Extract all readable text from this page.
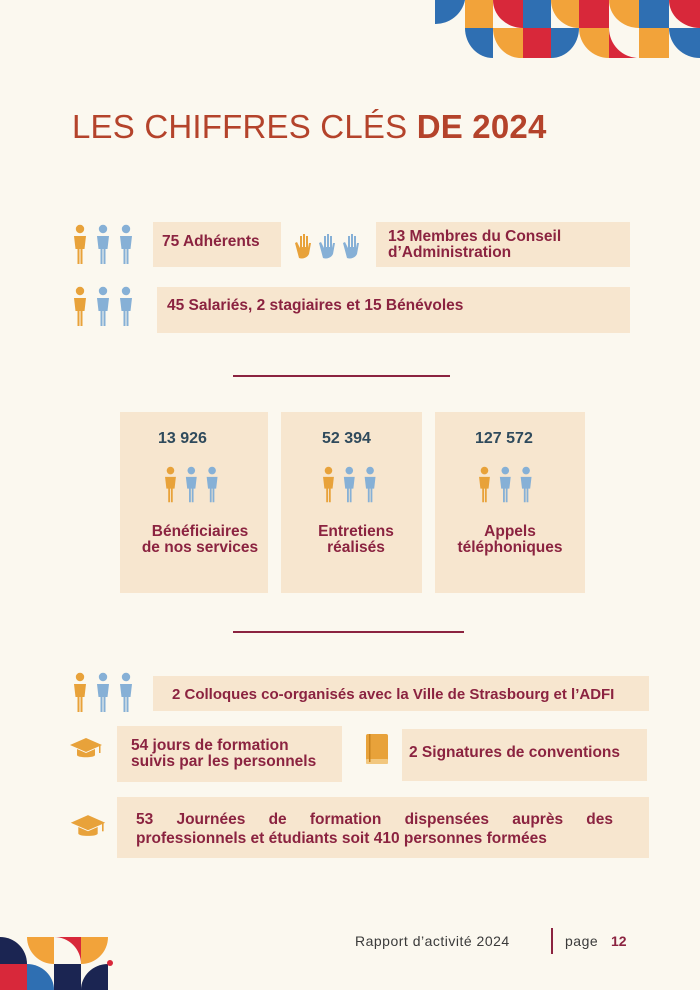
LES CHIFFRES CLÉS DE 2024
75 Adhérents	13 Membres du Conseil
d’Administration
45 Salariés, 2 stagiaires et 15 Bénévoles
13 926
Bénéficiaires
de nos services
52 394
Entretiens
réalisés
127 572
Appels
téléphoniques
2 Colloques co-organisés avec la Ville de Strasbourg et l’ADFI
54 jours de formation
suivis par les personnels
2 Signatures de conventions
53 Journées de formation dispensées auprès des professionnels et étudiants soit 410 personnes formées
Rapport d’activité 2024	page 12
